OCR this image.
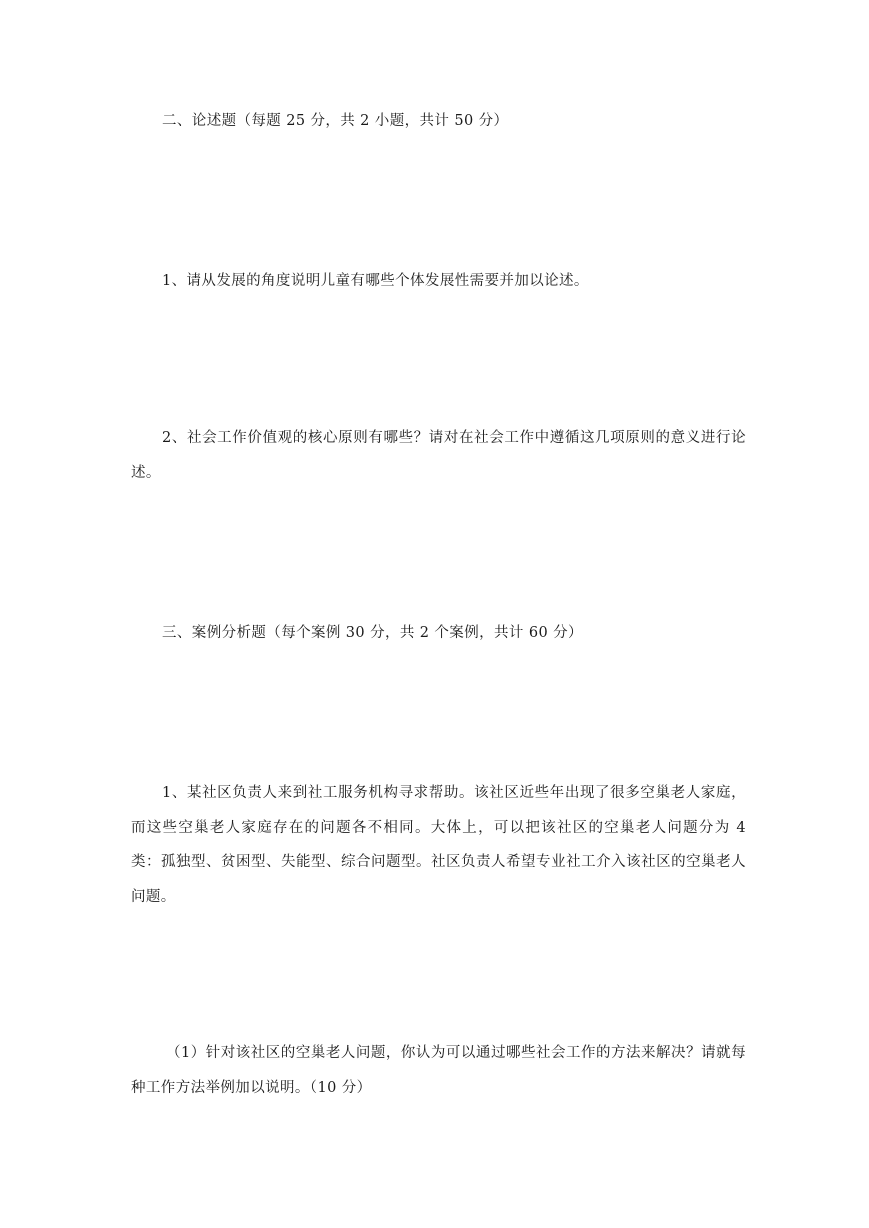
二、论述题（每题 25 分，共 2 小题，共计 50 分）

1、请从发展的角度说明儿童有哪些个体发展性需要并加以论述。

2、社会工作价值观的核心原则有哪些？请对在社会工作中遵循这几项原则的意义进行论述。

三、案例分析题（每个案例 30 分，共 2 个案例，共计 60 分）

1、某社区负责人来到社工服务机构寻求帮助。该社区近些年出现了很多空巢老人家庭，而这些空巢老人家庭存在的问题各不相同。大体上，可以把该社区的空巢老人问题分为 4 类：孤独型、贫困型、失能型、综合问题型。社区负责人希望专业社工介入该社区的空巢老人问题。

（1）针对该社区的空巢老人问题，你认为可以通过哪些社会工作的方法来解决？请就每种工作方法举例加以说明。（10 分）
